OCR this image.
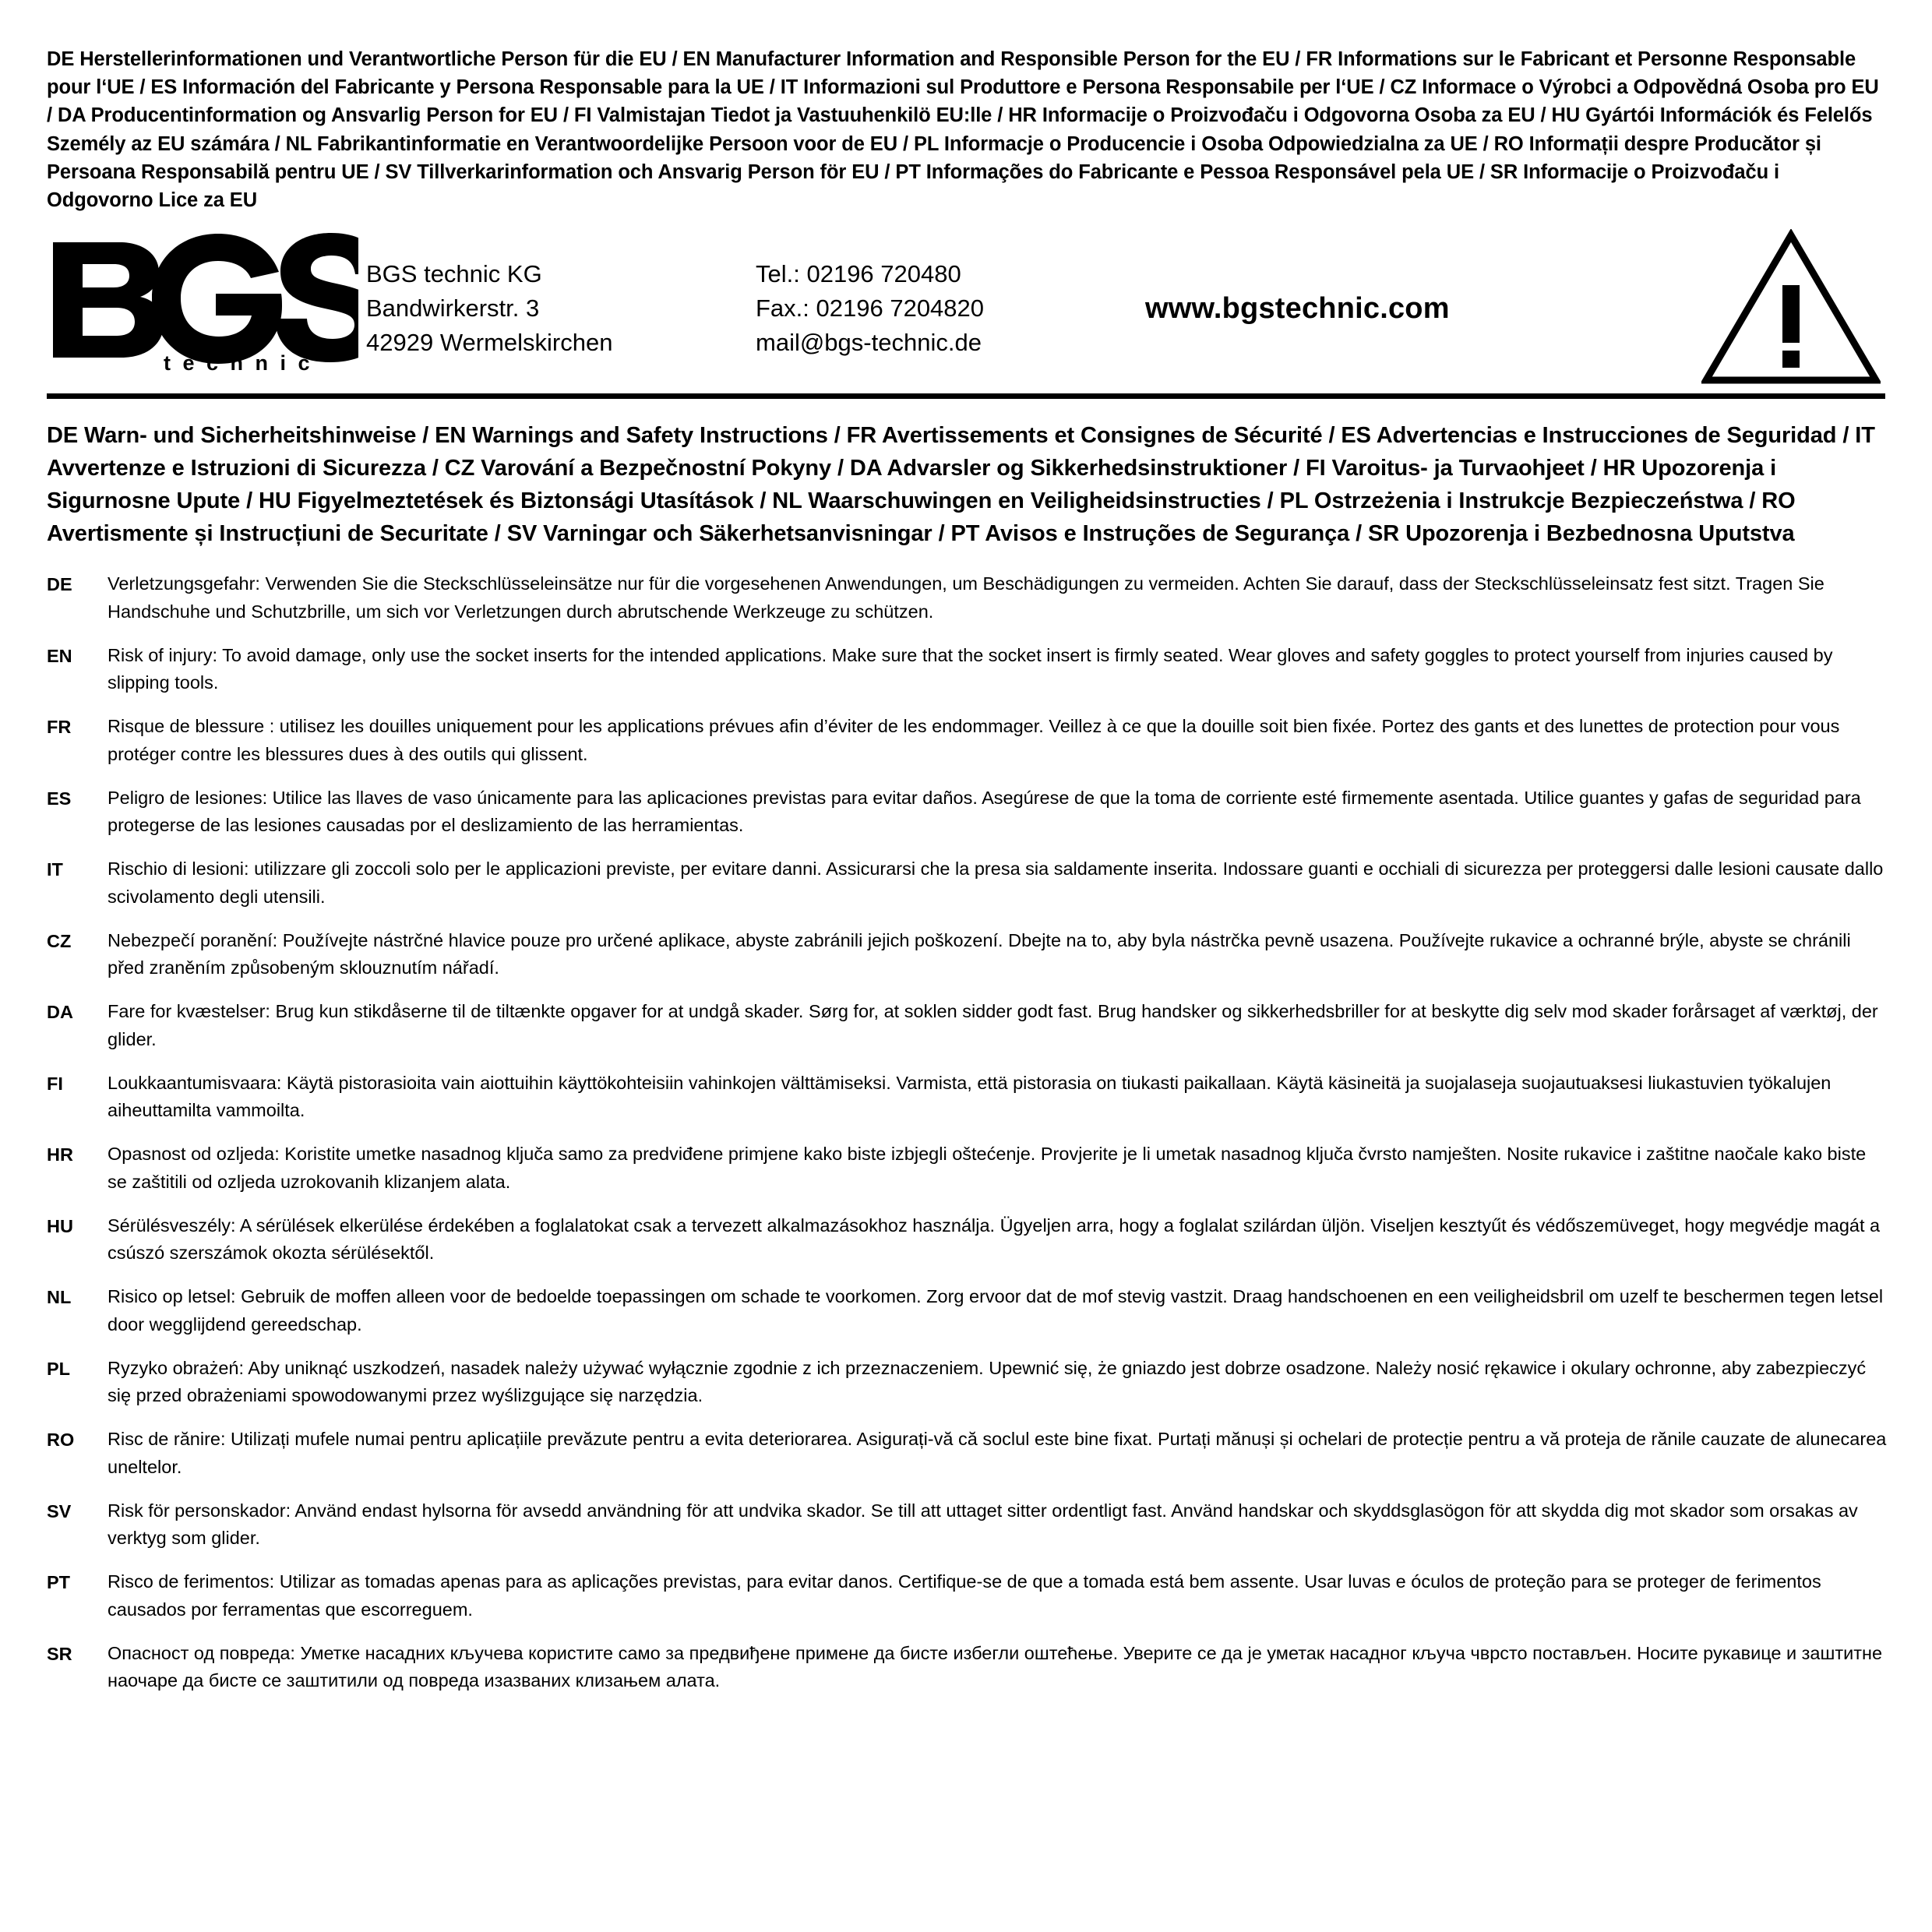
DE Herstellerinformationen und Verantwortliche Person für die EU / EN Manufacturer Information and Responsible Person for the EU / FR Informations sur le Fabricant et Personne Responsable pour l‘UE / ES Información del Fabricante y Persona Responsable para la UE / IT Informazioni sul Produttore e Persona Responsabile per l‘UE / CZ Informace o Výrobci a Odpovědná Osoba pro EU / DA Producentinformation og Ansvarlig Person for EU / FI Valmistajan Tiedot ja Vastuuhenkilö EU:lle / HR Informacije o Proizvođaču i Odgovorna Osoba za EU / HU Gyártói Információk és Felelős Személy az EU számára / NL Fabrikantinformatie en Verantwoordelijke Persoon voor de EU / PL Informacje o Producencie i Osoba Odpowiedzialna za UE / RO Informații despre Producător și Persoana Responsabilă pentru UE / SV Tillverkarinformation och Ansvarig Person för EU / PT Informações do Fabricante e Pessoa Responsável pela UE / SR Informacije o Proizvođaču i Odgovorno Lice za EU
®
t e c h n i c
BGS technic KG
Bandwirkerstr. 3
42929 Wermelskirchen
Tel.: 02196 720480
Fax.: 02196 7204820
mail@bgs-technic.de
www.bgstechnic.com
DE Warn- und Sicherheitshinweise / EN Warnings and Safety Instructions / FR Avertissements et Consignes de Sécurité / ES Advertencias e Instrucciones de Seguridad / IT Avvertenze e Istruzioni di Sicurezza / CZ Varování a Bezpečnostní Pokyny / DA Advarsler og Sikkerhedsinstruktioner / FI Varoitus- ja Turvaohjeet / HR Upozorenja i Sigurnosne Upute / HU Figyelmeztetések és Biztonsági Utasítások / NL Waarschuwingen en Veiligheidsinstructies / PL Ostrzeżenia i Instrukcje Bezpieczeństwa / RO Avertismente și Instrucțiuni de Securitate / SV Varningar och Säkerhetsanvisningar / PT Avisos e Instruções de Segurança / SR Upozorenja i Bezbednosna Uputstva
DE	Verletzungsgefahr: Verwenden Sie die Steckschlüsseleinsätze nur für die vorgesehenen Anwendungen, um Beschädigungen zu vermeiden. Achten Sie darauf, dass der Steckschlüsseleinsatz fest sitzt. Tragen Sie Handschuhe und Schutzbrille, um sich vor Verletzungen durch abrutschende Werkzeuge zu schützen.
EN	Risk of injury: To avoid damage, only use the socket inserts for the intended applications. Make sure that the socket insert is firmly seated. Wear gloves and safety goggles to protect yourself from injuries caused by slipping tools.
FR	Risque de blessure : utilisez les douilles uniquement pour les applications prévues afin d’éviter de les endommager. Veillez à ce que la douille soit bien fixée. Portez des gants et des lunettes de protection pour vous protéger contre les blessures dues à des outils qui glissent.
ES	Peligro de lesiones: Utilice las llaves de vaso únicamente para las aplicaciones previstas para evitar daños. Asegúrese de que la toma de corriente esté firmemente asentada. Utilice guantes y gafas de seguridad para protegerse de las lesiones causadas por el deslizamiento de las herramientas.
IT	Rischio di lesioni: utilizzare gli zoccoli solo per le applicazioni previste, per evitare danni. Assicurarsi che la presa sia saldamente inserita. Indossare guanti e occhiali di sicurezza per proteggersi dalle lesioni causate dallo scivolamento degli utensili.
CZ	Nebezpečí poranění: Používejte nástrčné hlavice pouze pro určené aplikace, abyste zabránili jejich poškození. Dbejte na to, aby byla nástrčka pevně usazena. Používejte rukavice a ochranné brýle, abyste se chránili před zraněním způsobeným sklouznutím nářadí.
DA	Fare for kvæstelser: Brug kun stikdåserne til de tiltænkte opgaver for at undgå skader. Sørg for, at soklen sidder godt fast. Brug handsker og sikkerhedsbriller for at beskytte dig selv mod skader forårsaget af værktøj, der glider.
FI	Loukkaantumisvaara: Käytä pistorasioita vain aiottuihin käyttökohteisiin vahinkojen välttämiseksi. Varmista, että pistorasia on tiukasti paikallaan. Käytä käsineitä ja suojalaseja suojautuaksesi liukastuvien työkalujen aiheuttamilta vammoilta.
HR	Opasnost od ozljeda: Koristite umetke nasadnog ključa samo za predviđene primjene kako biste izbjegli oštećenje. Provjerite je li umetak nasadnog ključa čvrsto namješten. Nosite rukavice i zaštitne naočale kako biste se zaštitili od ozljeda uzrokovanih klizanjem alata.
HU	Sérülésveszély: A sérülések elkerülése érdekében a foglalatokat csak a tervezett alkalmazásokhoz használja. Ügyeljen arra, hogy a foglalat szilárdan üljön. Viseljen kesztyűt és védőszemüveget, hogy megvédje magát a csúszó szerszámok okozta sérülésektől.
NL	Risico op letsel: Gebruik de moffen alleen voor de bedoelde toepassingen om schade te voorkomen. Zorg ervoor dat de mof stevig vastzit. Draag handschoenen en een veiligheidsbril om uzelf te beschermen tegen letsel door wegglijdend gereedschap.
PL	Ryzyko obrażeń: Aby uniknąć uszkodzeń, nasadek należy używać wyłącznie zgodnie z ich przeznaczeniem. Upewnić się, że gniazdo jest dobrze osadzone. Należy nosić rękawice i okulary ochronne, aby zabezpieczyć się przed obrażeniami spowodowanymi przez wyślizgujące się narzędzia.
RO	Risc de rănire: Utilizați mufele numai pentru aplicațiile prevăzute pentru a evita deteriorarea. Asigurați-vă că soclul este bine fixat. Purtați mănuși și ochelari de protecție pentru a vă proteja de rănile cauzate de alunecarea uneltelor.
SV	Risk för personskador: Använd endast hylsorna för avsedd användning för att undvika skador. Se till att uttaget sitter ordentligt fast. Använd handskar och skyddsglasögon för att skydda dig mot skador som orsakas av verktyg som glider.
PT	Risco de ferimentos: Utilizar as tomadas apenas para as aplicações previstas, para evitar danos. Certifique-se de que a tomada está bem assente. Usar luvas e óculos de proteção para se proteger de ferimentos causados por ferramentas que escorreguem.
SR	Опасност од повреда: Уметке насадних кључева користите само за предвиђене примене да бисте избегли оштећење. Уверите се да је уметак насадног кључа чврсто постављен. Носите рукавице и заштитне наочаре да бисте се заштитили од повреда изазваних клизањем алата.
